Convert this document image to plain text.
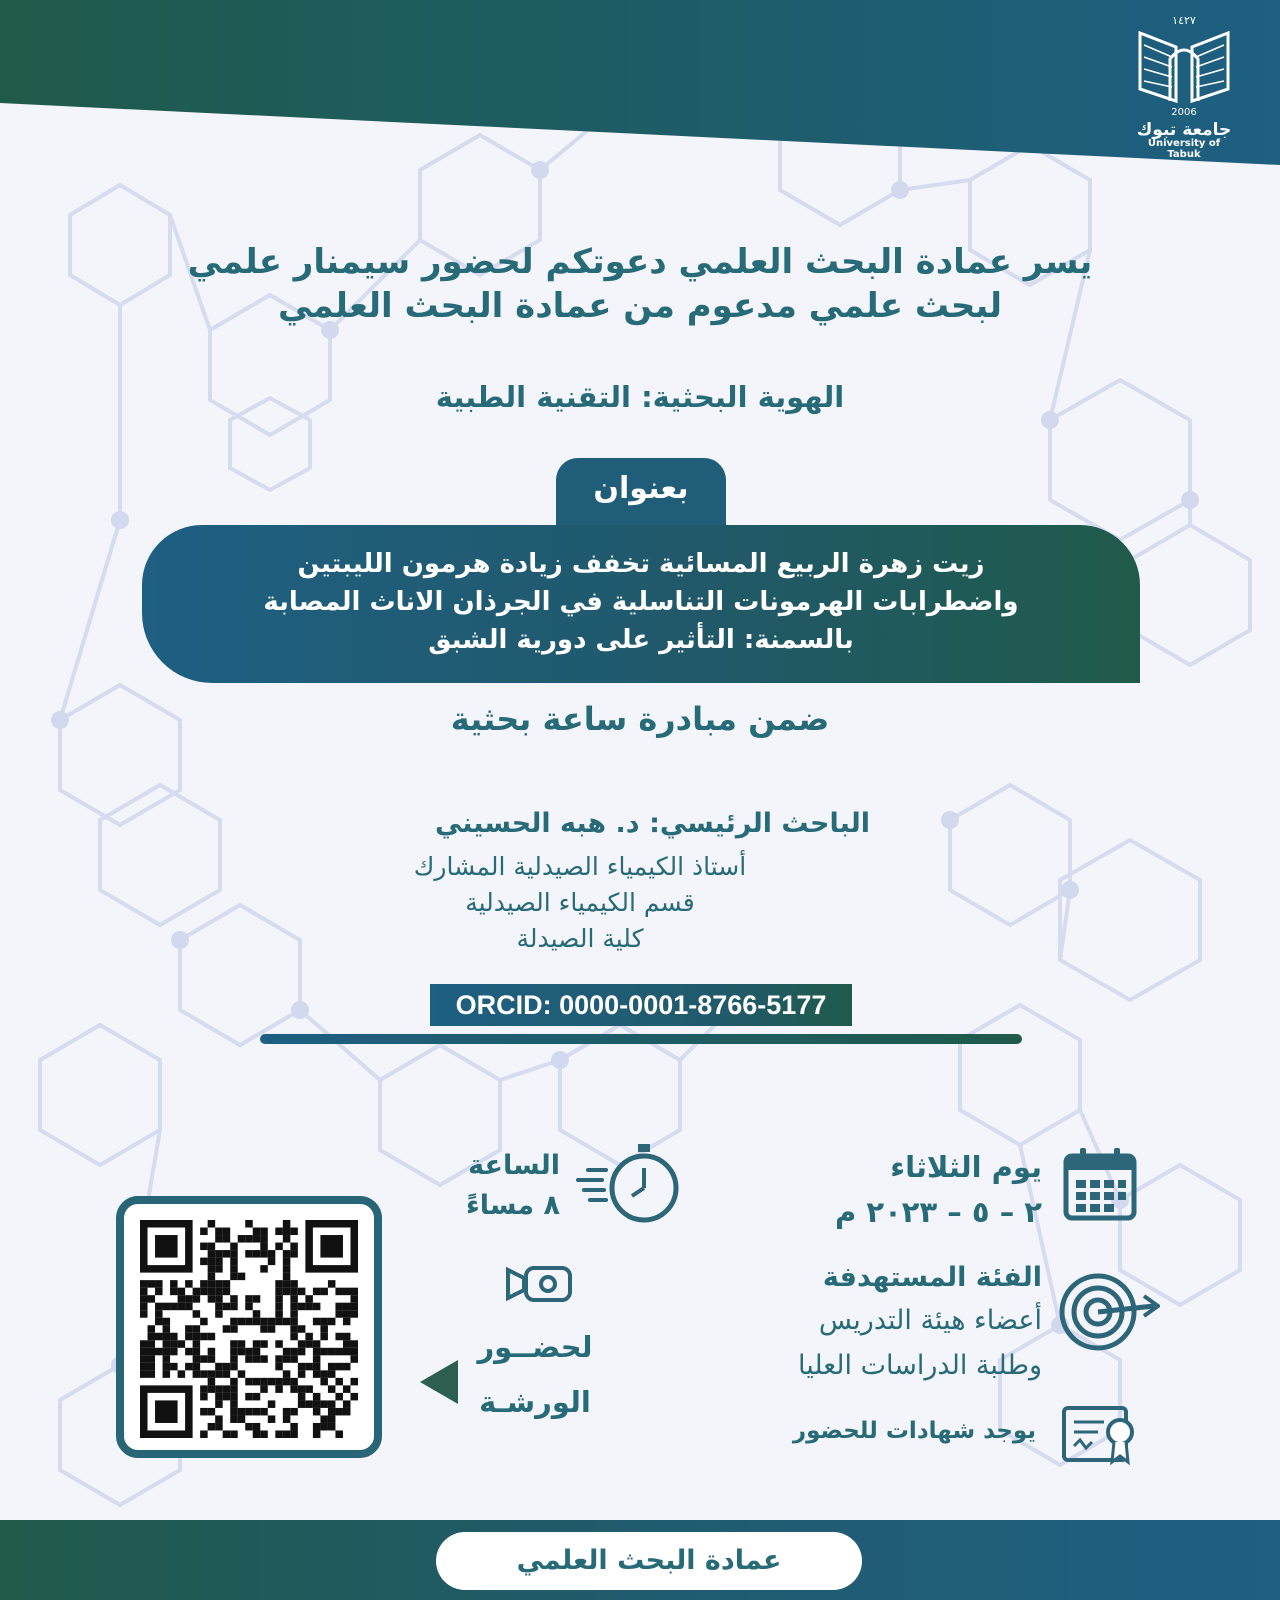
١٤٢٧
2006
جامعة تبوك
University of Tabuk
يسر عمادة البحث العلمي دعوتكم لحضور سيمنار علمي
لبحث علمي مدعوم من عمادة البحث العلمي
الهوية البحثية: التقنية الطبية
بعنوان
زيت زهرة الربيع المسائية تخفف زيادة هرمون الليبتين
واضطرابات الهرمونات التناسلية في الجرذان الاناث المصابة
بالسمنة: التأثير على دورية الشبق
ضمن مبادرة ساعة بحثية
الباحث الرئيسي: د. هبه الحسيني
أستاذ الكيمياء الصيدلية المشارك
قسم الكيمياء الصيدلية
كلية الصيدلة
ORCID: 0000-0001-8766-5177
يوم الثلاثاء
٢ – ٥ – ٢٠٢٣ م
الساعة
٨ مساءً
الفئة المستهدفة
أعضاء هيئة التدريس
وطلبة الدراسات العليا
يوجد شهادات للحضور
لحضــور
الورشـة
عمادة البحث العلمي
